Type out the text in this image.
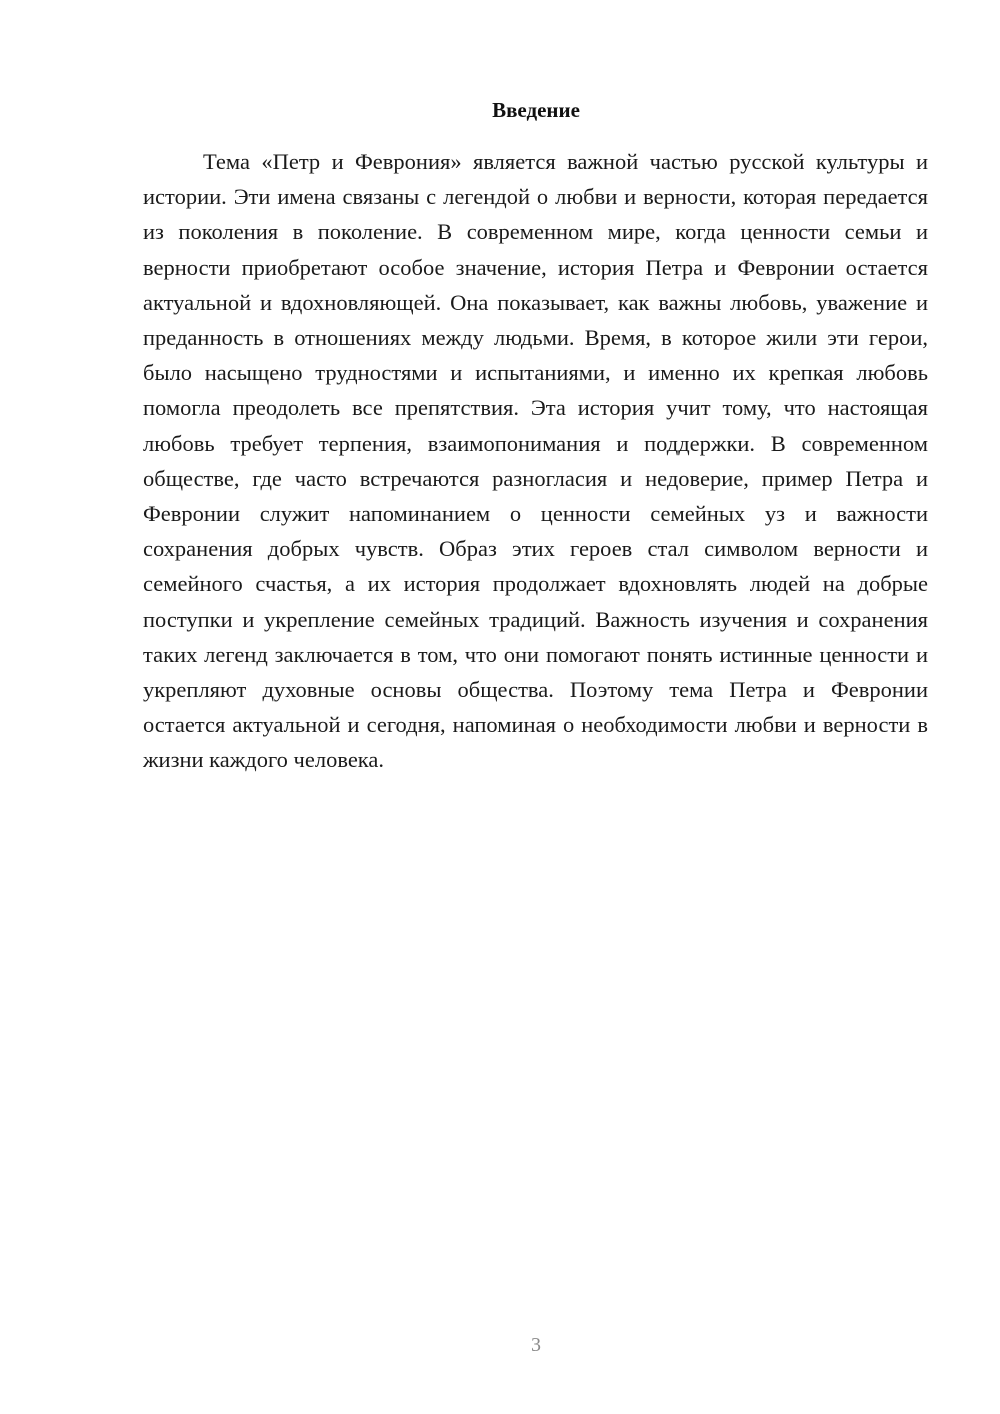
Введение

Тема «Петр и Феврония» является важной частью русской культуры и истории. Эти имена связаны с легендой о любви и верности, которая передается из поколения в поколение. В современном мире, когда ценности семьи и верности приобретают особое значение, история Петра и Февронии остается актуальной и вдохновляющей. Она показывает, как важны любовь, уважение и преданность в отношениях между людьми. Время, в которое жили эти герои, было насыщено трудностями и испытаниями, и именно их крепкая любовь помогла преодолеть все препятствия. Эта история учит тому, что настоящая любовь требует терпения, взаимопонимания и поддержки. В современном обществе, где часто встречаются разногласия и недоверие, пример Петра и Февронии служит напоминанием о ценности семейных уз и важности сохранения добрых чувств. Образ этих героев стал символом верности и семейного счастья, а их история продолжает вдохновлять людей на добрые поступки и укрепление семейных традиций. Важность изучения и сохранения таких легенд заключается в том, что они помогают понять истинные ценности и укрепляют духовные основы общества. Поэтому тема Петра и Февронии остается актуальной и сегодня, напоминая о необходимости любви и верности в жизни каждого человека.

3
